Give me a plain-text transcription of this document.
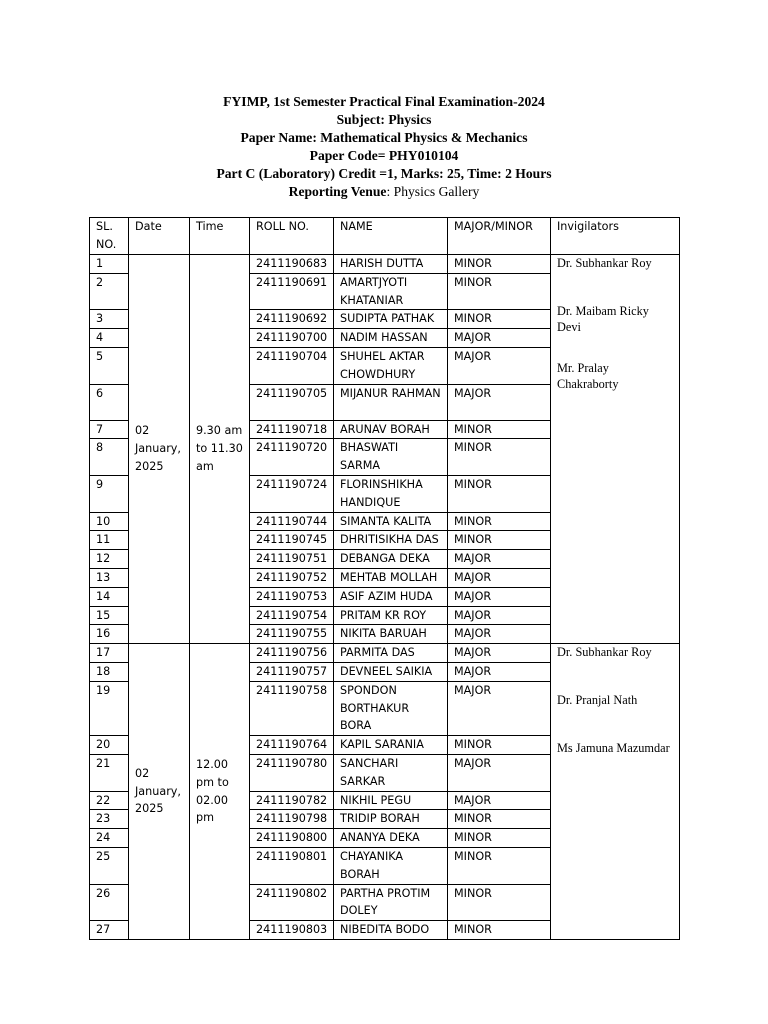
FYIMP, 1st Semester Practical Final Examination-2024
Subject: Physics
Paper Name: Mathematical Physics & Mechanics
Paper Code= PHY010104
Part C (Laboratory) Credit =1, Marks: 25, Time: 2 Hours
Reporting Venue: Physics Gallery
SL. NO.	Date	Time	ROLL NO.	NAME	MAJOR/MINOR	Invigilators
1	02 January, 2025	9.30 am to 11.30 am	2411190683	HARISH DUTTA	MINOR	Dr. Subhankar Roy
Dr. Maibam Ricky Devi
Mr. Pralay Chakraborty

2			2411190691	AMARTJYOTI KHATANIAR	MINOR	
3			2411190692	SUDIPTA PATHAK	MINOR	
4			2411190700	NADIM HASSAN	MAJOR	
5			2411190704	SHUHEL AKTAR CHOWDHURY	MAJOR	
6			2411190705	MIJANUR RAHMAN	MAJOR	
7			2411190718	ARUNAV BORAH	MINOR	
8			2411190720	BHASWATI SARMA	MINOR	
9			2411190724	FLORINSHIKHA HANDIQUE	MINOR	
10			2411190744	SIMANTA KALITA	MINOR	
11			2411190745	DHRITISIKHA DAS	MINOR	
12			2411190751	DEBANGA DEKA	MAJOR	
13			2411190752	MEHTAB MOLLAH	MAJOR	
14			2411190753	ASIF AZIM HUDA	MAJOR	
15			2411190754	PRITAM KR ROY	MAJOR	
16			2411190755	NIKITA BARUAH	MAJOR	
17	02 January, 2025	12.00 pm to 02.00 pm	2411190756	PARMITA DAS	MAJOR	Dr. Subhankar Roy
Dr. Pranjal Nath
Ms Jamuna Mazumdar

18			2411190757	DEVNEEL SAIKIA	MAJOR	
19			2411190758	SPONDON BORTHAKUR BORA	MAJOR	
20			2411190764	KAPIL SARANIA	MINOR	
21			2411190780	SANCHARI SARKAR	MAJOR	
22			2411190782	NIKHIL PEGU	MAJOR	
23			2411190798	TRIDIP BORAH	MINOR	
24			2411190800	ANANYA DEKA	MINOR	
25			2411190801	CHAYANIKA BORAH	MINOR	
26			2411190802	PARTHA PROTIM DOLEY	MINOR	
27			2411190803	NIBEDITA BODO	MINOR	
